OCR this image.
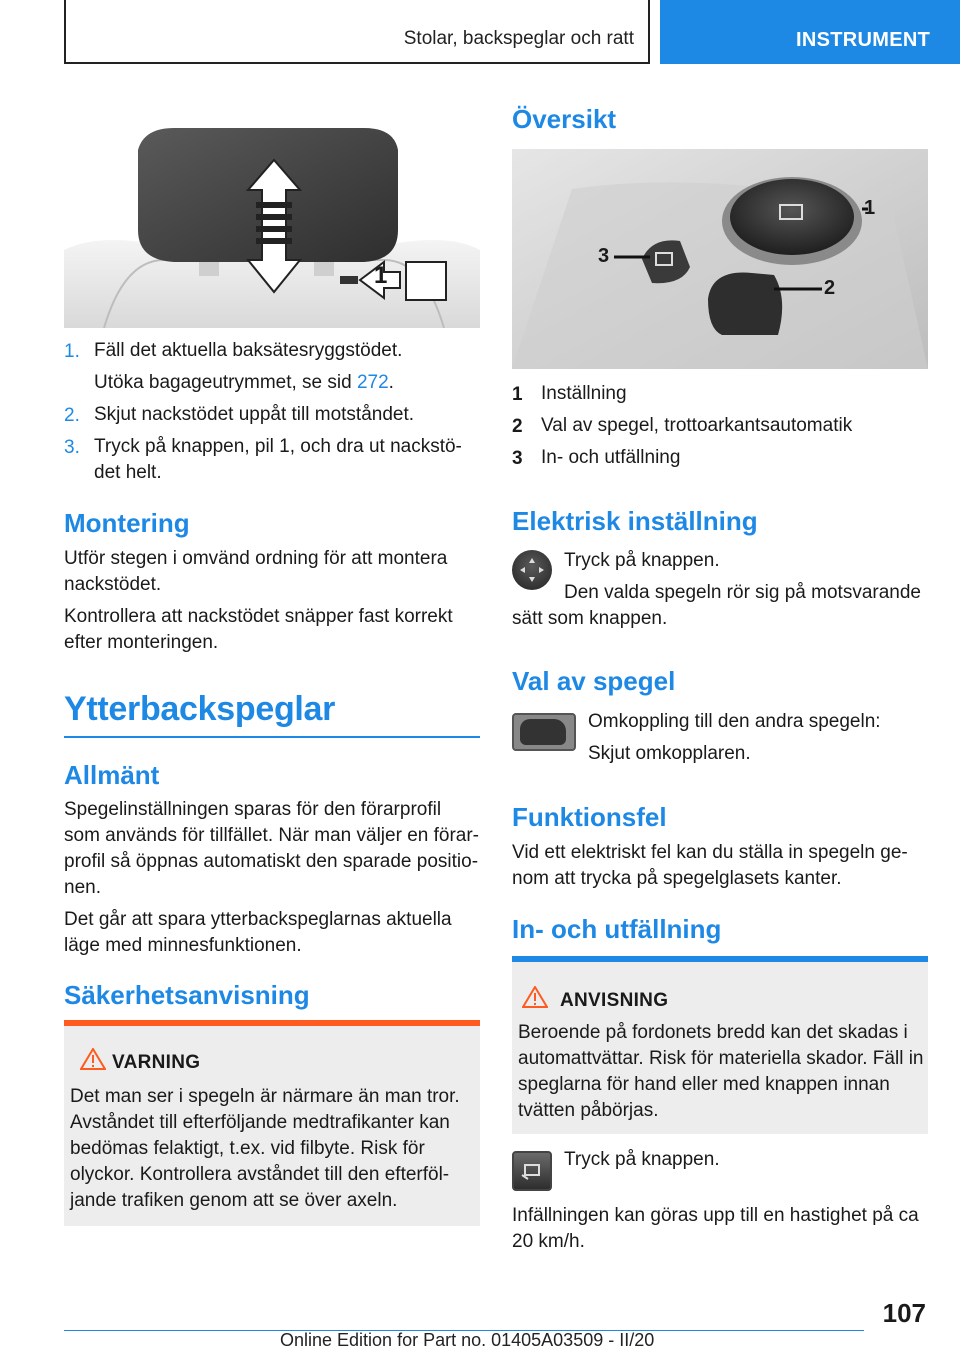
Stolar, backspeglar och ratt	INSTRUMENT
1
1. Fäll det aktuella baksätesryggstödet.
Utöka bagageutrymmet, se sid 272.
2. Skjut nackstödet uppåt till motståndet.
3. Tryck på knappen, pil 1, och dra ut nackstö-
det helt.
Montering
Utför stegen i omvänd ordning för att montera
nackstödet.
Kontrollera att nackstödet snäpper fast korrekt
efter monteringen.
Ytterbackspeglar
Allmänt
Spegelinställningen sparas för den förarprofil
som används för tillfället. När man väljer en förar-
profil så öppnas automatiskt den sparade positio-
nen.
Det går att spara ytterbackspeglarnas aktuella
läge med minnesfunktionen.
Säkerhetsanvisning
VARNING
Det man ser i spegeln är närmare än man tror.
Avståndet till efterföljande medtrafikanter kan
bedömas felaktigt, t.ex. vid filbyte. Risk för
olyckor. Kontrollera avståndet till den efterföl-
jande trafiken genom att se över axeln.
Översikt
1
2
3
1 Inställning
2 Val av spegel, trottoarkantsautomatik
3 In- och utfällning
Elektrisk inställning
Tryck på knappen.
Den valda spegeln rör sig på motsvarande
sätt som knappen.
Val av spegel
Omkoppling till den andra spegeln:
Skjut omkopplaren.
Funktionsfel
Vid ett elektriskt fel kan du ställa in spegeln ge-
nom att trycka på spegelglasets kanter.
In- och utfällning
ANVISNING
Beroende på fordonets bredd kan det skadas i
automattvättar. Risk för materiella skador. Fäll in
speglarna för hand eller med knappen innan
tvätten påbörjas.
Tryck på knappen.
Infällningen kan göras upp till en hastighet på ca
20 km/h.
107
Online Edition for Part no. 01405A03509 - II/20
